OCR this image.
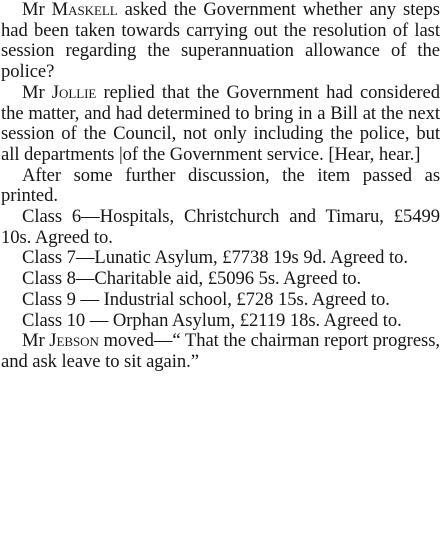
Mr Maskell asked the Government whether any steps had been taken towards carrying out the resolution of last session regarding the superannuation allowance of the police?

Mr Jollie replied that the Government had considered the matter, and had determined to bring in a Bill at the next session of the Council, not only including the police, but all departments |of the Government service. [Hear, hear.]

After some further discussion, the item passed as printed.

Class 6—Hospitals, Christchurch and Timaru, £5499 10s. Agreed to.

Class 7—Lunatic Asylum, £7738 19s 9d. Agreed to.

Class 8—Charitable aid, £5096 5s. Agreed to.

Class 9 — Industrial school, £728 15s. Agreed to.

Class 10 — Orphan Asylum, £2119 18s. Agreed to.

Mr Jebson moved—“ That the chairman report progress, and ask leave to sit again.”
